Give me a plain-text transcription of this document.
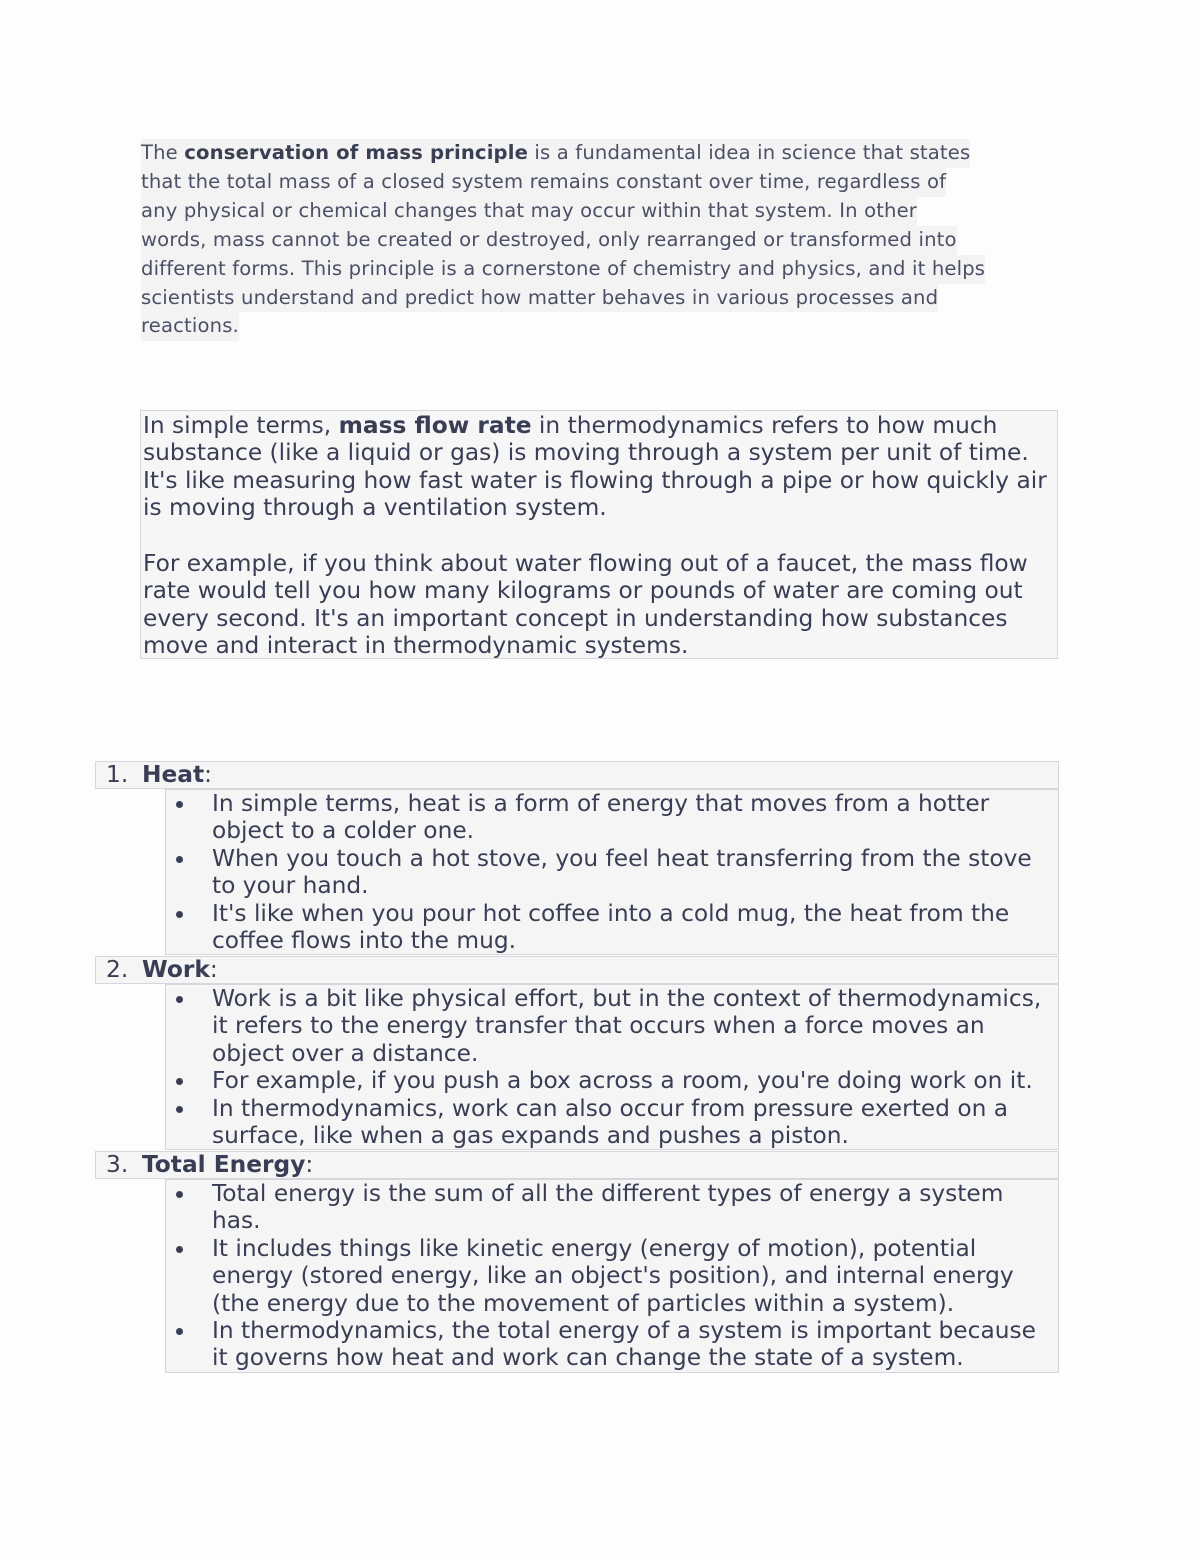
The conservation of mass principle is a fundamental idea in science that states
that the total mass of a closed system remains constant over time, regardless of
any physical or chemical changes that may occur within that system. In other
words, mass cannot be created or destroyed, only rearranged or transformed into
different forms. This principle is a cornerstone of chemistry and physics, and it helps
scientists understand and predict how matter behaves in various processes and
reactions.

In simple terms, mass flow rate in thermodynamics refers to how much
substance (like a liquid or gas) is moving through a system per unit of time.
It's like measuring how fast water is flowing through a pipe or how quickly air
is moving through a ventilation system.

For example, if you think about water flowing out of a faucet, the mass flow
rate would tell you how many kilograms or pounds of water are coming out
every second. It's an important concept in understanding how substances
move and interact in thermodynamic systems.

1. Heat:
In simple terms, heat is a form of energy that moves from a hotter
object to a colder one.
When you touch a hot stove, you feel heat transferring from the stove
to your hand.
It's like when you pour hot coffee into a cold mug, the heat from the
coffee flows into the mug.
2. Work:
Work is a bit like physical effort, but in the context of thermodynamics,
it refers to the energy transfer that occurs when a force moves an
object over a distance.
For example, if you push a box across a room, you're doing work on it.
In thermodynamics, work can also occur from pressure exerted on a
surface, like when a gas expands and pushes a piston.
3. Total Energy:
Total energy is the sum of all the different types of energy a system
has.
It includes things like kinetic energy (energy of motion), potential
energy (stored energy, like an object's position), and internal energy
(the energy due to the movement of particles within a system).
In thermodynamics, the total energy of a system is important because
it governs how heat and work can change the state of a system.
